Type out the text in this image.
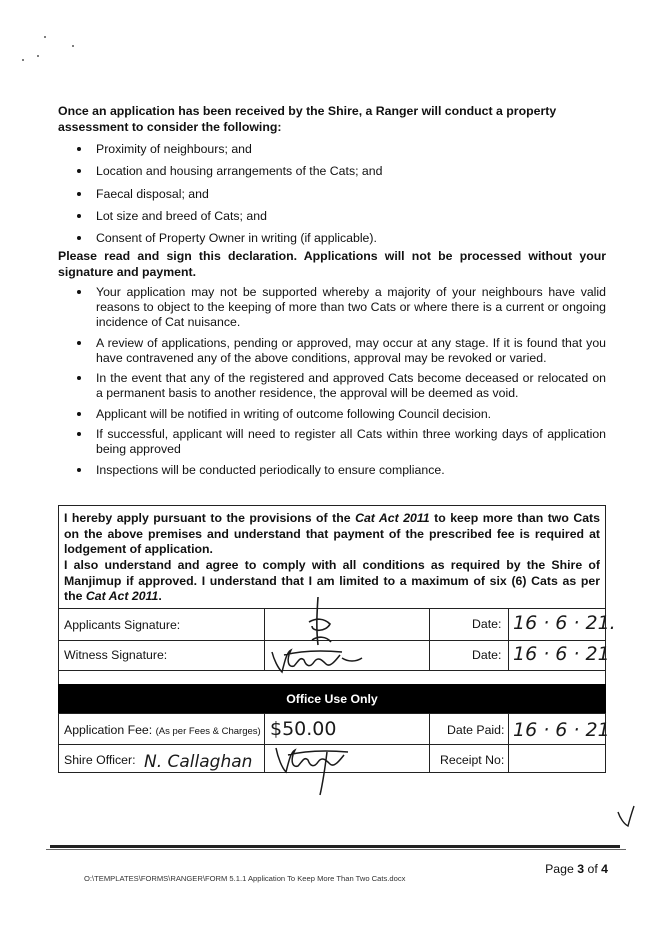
Once an application has been received by the Shire, a Ranger will conduct a property assessment to consider the following:
Proximity of neighbours; and
Location and housing arrangements of the Cats; and
Faecal disposal; and
Lot size and breed of Cats; and
Consent of Property Owner in writing (if applicable).
Please read and sign this declaration. Applications will not be processed without your signature and payment.
Your application may not be supported whereby a majority of your neighbours have valid reasons to object to the keeping of more than two Cats or where there is a current or ongoing incidence of Cat nuisance.
A review of applications, pending or approved, may occur at any stage. If it is found that you have contravened any of the above conditions, approval may be revoked or varied.
In the event that any of the registered and approved Cats become deceased or relocated on a permanent basis to another residence, the approval will be deemed as void.
Applicant will be notified in writing of outcome following Council decision.
If successful, applicant will need to register all Cats within three working days of application being approved
Inspections will be conducted periodically to ensure compliance.
I hereby apply pursuant to the provisions of the Cat Act 2011 to keep more than two Cats on the above premises and understand that payment of the prescribed fee is required at lodgement of application.
I also understand and agree to comply with all conditions as required by the Shire of Manjimup if approved. I understand that I am limited to a maximum of six (6) Cats as per the Cat Act 2011.
Applicants Signature:	Date: 16 · 6 · 21.
Witness Signature:	Date: 16 · 6 · 21
Office Use Only
Application Fee: (As per Fees & Charges) $50.00	Date Paid: 16 · 6 · 21
Shire Officer: N. Callaghan	Receipt No:
Page 3 of 4
O:\TEMPLATES\FORMS\RANGER\FORM 5.1.1 Application To Keep More Than Two Cats.docx
